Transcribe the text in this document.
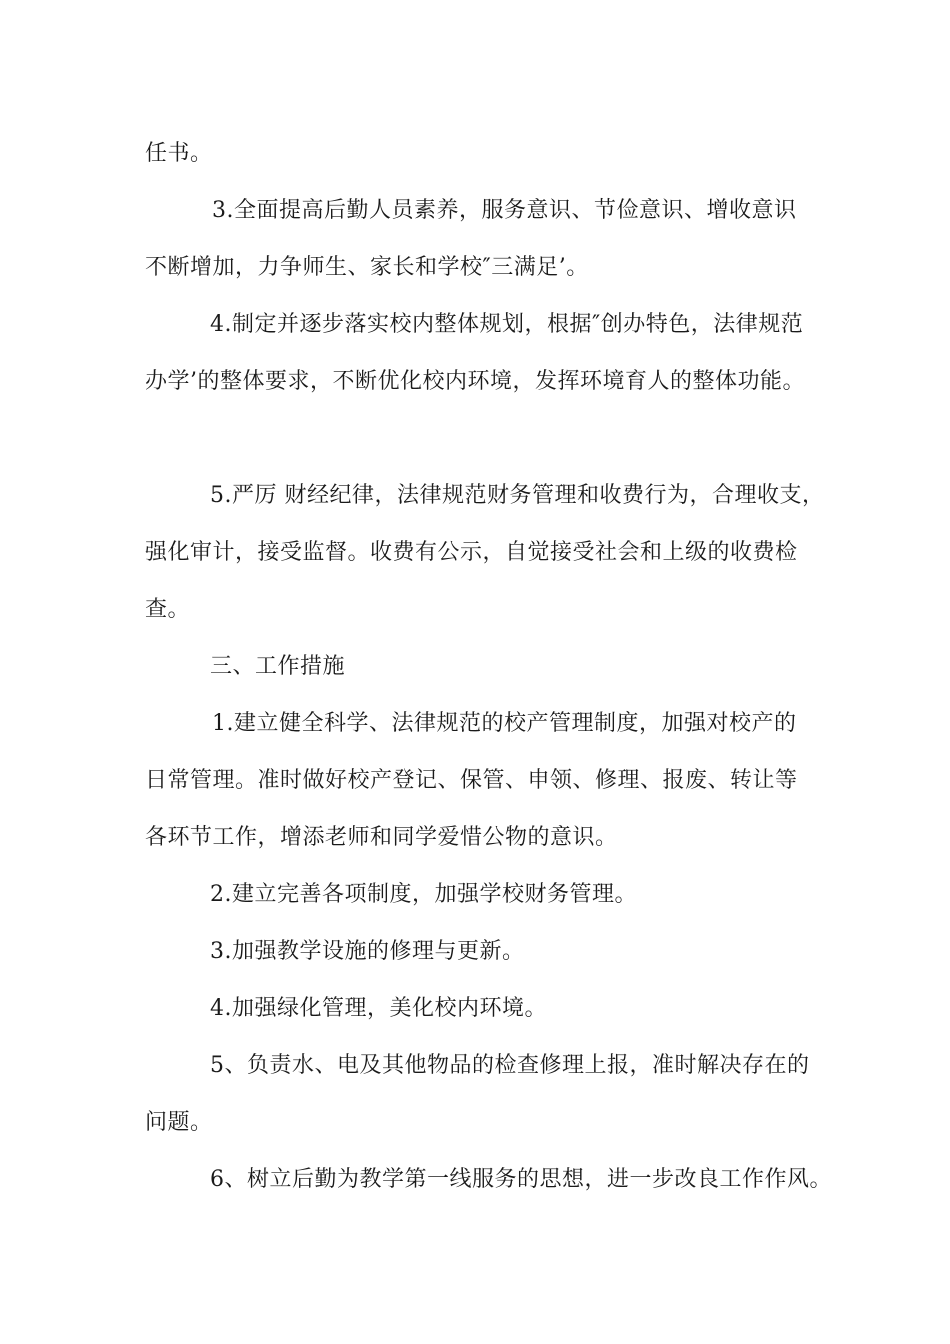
任书。
3.全面提高后勤人员素养，服务意识、节俭意识、增收意识
不断增加，力争师生、家长和学校″三满足’。
4.制定并逐步落实校内整体规划，根据″创办特色，法律规范
办学’的整体要求，不断优化校内环境，发挥环境育人的整体功能。
5.严厉 财经纪律，法律规范财务管理和收费行为，合理收支，
强化审计，接受监督。收费有公示，自觉接受社会和上级的收费检
查。
三、工作措施
1.建立健全科学、法律规范的校产管理制度，加强对校产的
日常管理。准时做好校产登记、保管、申领、修理、报废、转让等
各环节工作，增添老师和同学爱惜公物的意识。
2.建立完善各项制度，加强学校财务管理。
3.加强教学设施的修理与更新。
4.加强绿化管理，美化校内环境。
5、负责水、电及其他物品的检查修理上报，准时解决存在的
问题。
6、树立后勤为教学第一线服务的思想，进一步改良工作作风。
